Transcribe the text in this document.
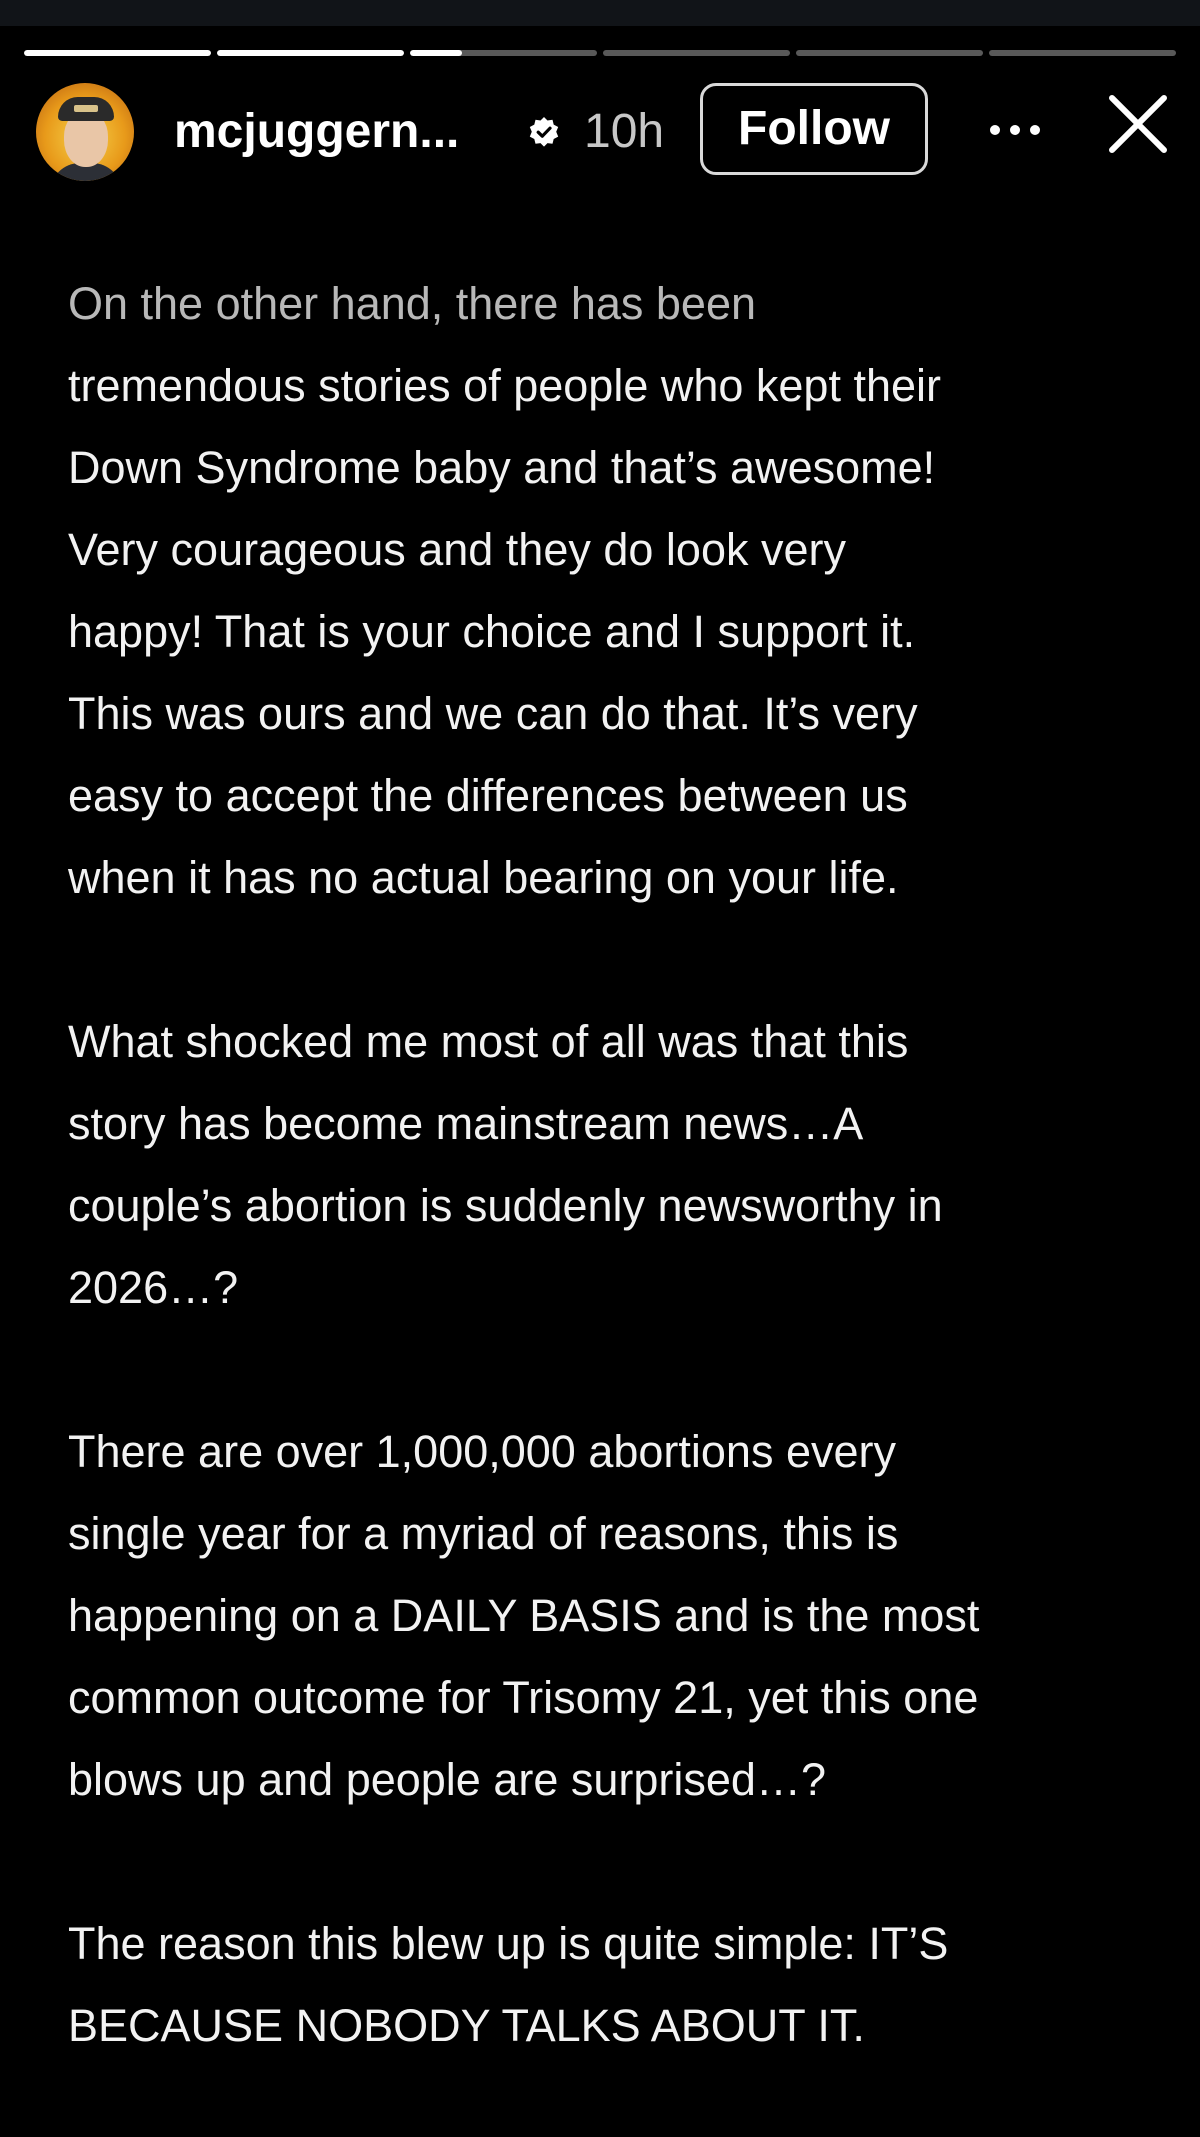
mcjuggern...	10h	Follow

On the other hand, there has been
tremendous stories of people who kept their
Down Syndrome baby and that’s awesome!
Very courageous and they do look very
happy! That is your choice and I support it.
This was ours and we can do that. It’s very
easy to accept the differences between us
when it has no actual bearing on your life.

What shocked me most of all was that this
story has become mainstream news…A
couple’s abortion is suddenly newsworthy in
2026…?

There are over 1,000,000 abortions every
single year for a myriad of reasons, this is
happening on a DAILY BASIS and is the most
common outcome for Trisomy 21, yet this one
blows up and people are surprised…?

The reason this blew up is quite simple: IT’S
BECAUSE NOBODY TALKS ABOUT IT.
